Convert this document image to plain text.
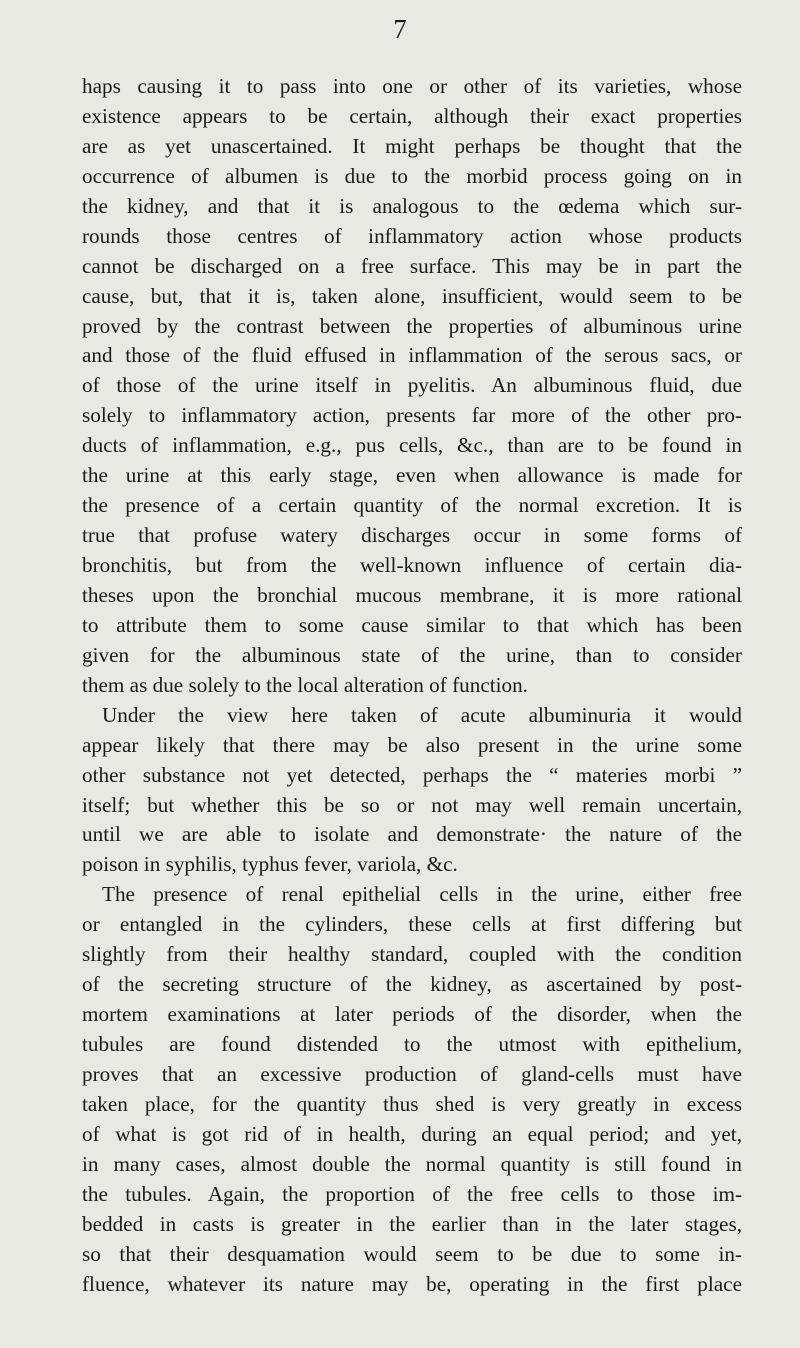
7
haps causing it to pass into one or other of its varieties, whose
existence appears to be certain, although their exact properties
are as yet unascertained. It might perhaps be thought that the
occurrence of albumen is due to the morbid process going on in
the kidney, and that it is analogous to the œdema which sur-
rounds those centres of inflammatory action whose products
cannot be discharged on a free surface. This may be in part the
cause, but, that it is, taken alone, insufficient, would seem to be
proved by the contrast between the properties of albuminous urine
and those of the fluid effused in inflammation of the serous sacs, or
of those of the urine itself in pyelitis. An albuminous fluid, due
solely to inflammatory action, presents far more of the other pro-
ducts of inflammation, e.g., pus cells, &c., than are to be found in
the urine at this early stage, even when allowance is made for
the presence of a certain quantity of the normal excretion. It is
true that profuse watery discharges occur in some forms of
bronchitis, but from the well-known influence of certain dia-
theses upon the bronchial mucous membrane, it is more rational
to attribute them to some cause similar to that which has been
given for the albuminous state of the urine, than to consider
them as due solely to the local alteration of function.
Under the view here taken of acute albuminuria it would
appear likely that there may be also present in the urine some
other substance not yet detected, perhaps the “ materies morbi ”
itself; but whether this be so or not may well remain uncertain,
until we are able to isolate and demonstrate· the nature of the
poison in syphilis, typhus fever, variola, &c.
The presence of renal epithelial cells in the urine, either free
or entangled in the cylinders, these cells at first differing but
slightly from their healthy standard, coupled with the condition
of the secreting structure of the kidney, as ascertained by post-
mortem examinations at later periods of the disorder, when the
tubules are found distended to the utmost with epithelium,
proves that an excessive production of gland-cells must have
taken place, for the quantity thus shed is very greatly in excess
of what is got rid of in health, during an equal period; and yet,
in many cases, almost double the normal quantity is still found in
the tubules. Again, the proportion of the free cells to those im-
bedded in casts is greater in the earlier than in the later stages,
so that their desquamation would seem to be due to some in-
fluence, whatever its nature may be, operating in the first place
